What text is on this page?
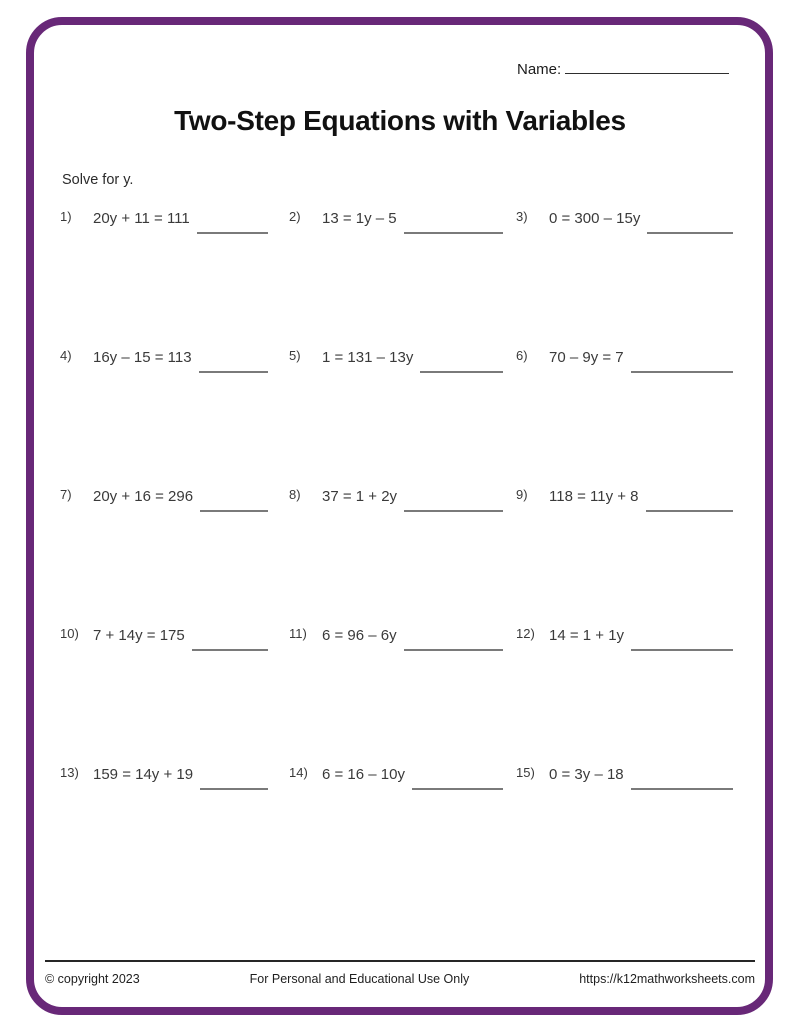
Name:
Two-Step Equations with Variables
Solve for y.
1)	20y + 11 = 111	2)	13 = 1y – 5	3)	0 = 300 – 15y
4)	16y – 15 = 113	5)	1 = 131 – 13y	6)	70 – 9y = 7
7)	20y + 16 = 296	8)	37 = 1 + 2y	9)	118 = 11y + 8
10) 7 + 14y = 175	11)	6 = 96 – 6y	12) 14 = 1 + 1y
13) 159 = 14y + 19	14) 6 = 16 – 10y	15) 0 = 3y – 18
© copyright 2023	For Personal and Educational Use Only	https://k12mathworksheets.com
